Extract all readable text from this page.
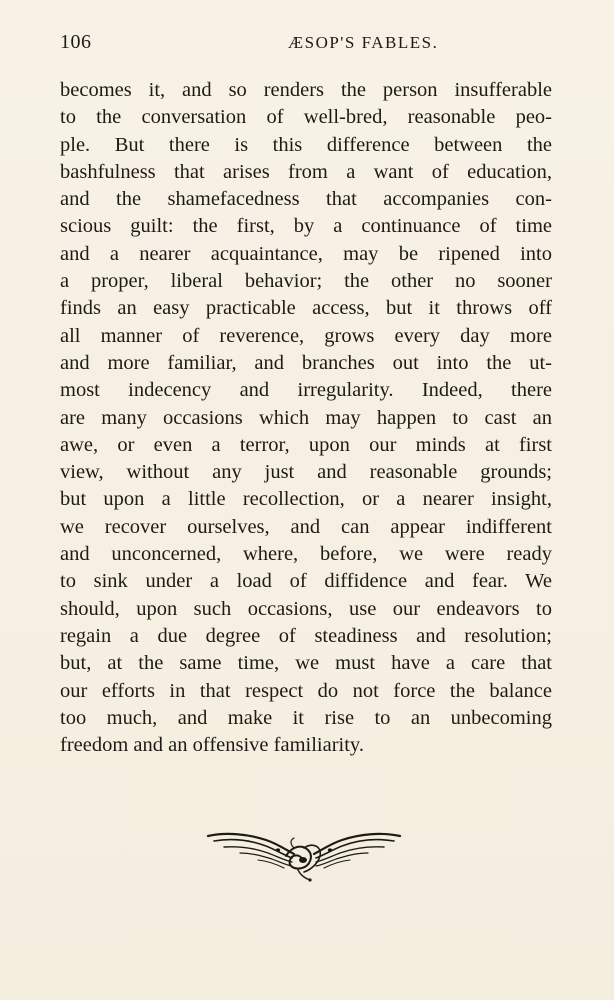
106	ÆSOP'S FABLES.
becomes it, and so renders the person insufferable
to the conversation of well-bred, reasonable peo-
ple. But there is this difference between the
bashfulness that arises from a want of education,
and the shamefacedness that accompanies con-
scious guilt: the first, by a continuance of time
and a nearer acquaintance, may be ripened into
a proper, liberal behavior; the other no sooner
finds an easy practicable access, but it throws off
all manner of reverence, grows every day more
and more familiar, and branches out into the ut-
most indecency and irregularity. Indeed, there
are many occasions which may happen to cast an
awe, or even a terror, upon our minds at first
view, without any just and reasonable grounds;
but upon a little recollection, or a nearer insight,
we recover ourselves, and can appear indifferent
and unconcerned, where, before, we were ready
to sink under a load of diffidence and fear. We
should, upon such occasions, use our endeavors to
regain a due degree of steadiness and resolution;
but, at the same time, we must have a care that
our efforts in that respect do not force the balance
too much, and make it rise to an unbecoming
freedom and an offensive familiarity.
